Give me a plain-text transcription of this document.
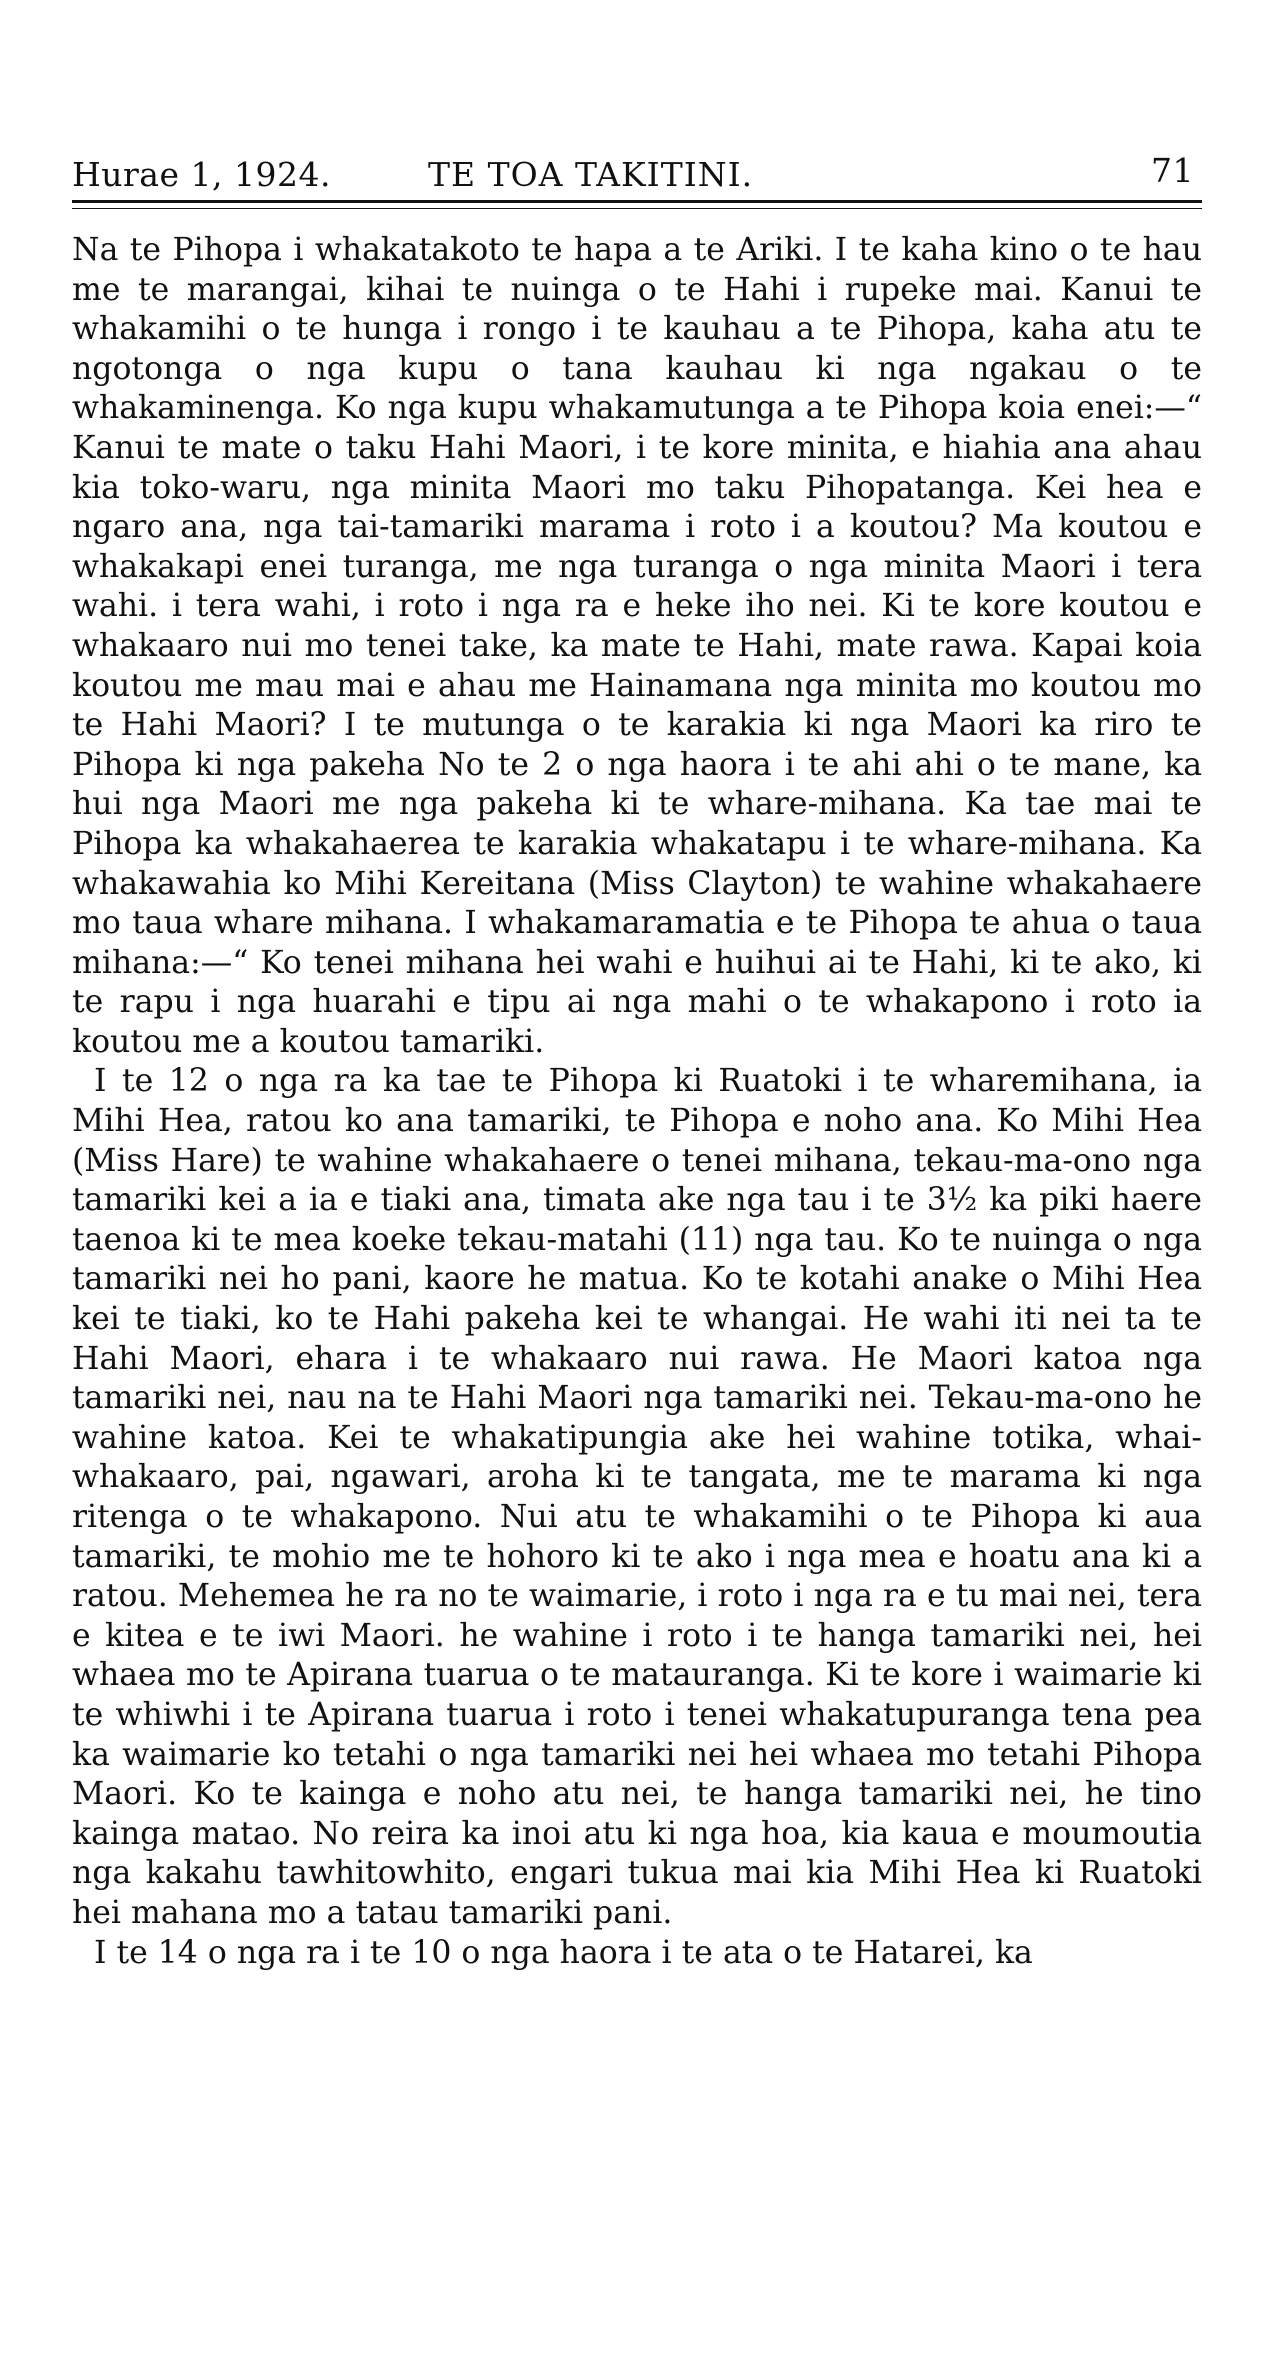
Hurae 1, 1924.	TE TOA TAKITINI.	71

Na te Pihopa i whakatakoto te hapa a te Ariki. I te kaha kino o te hau me te marangai, kihai te nuinga o te Hahi i rupeke mai. Kanui te whakamihi o te hunga i rongo i te kauhau a te Pihopa, kaha atu te ngotonga o nga kupu o tana kauhau ki nga ngakau o te whakaminenga. Ko nga kupu whakamutunga a te Pihopa koia enei:—“ Kanui te mate o taku Hahi Maori, i te kore minita, e hiahia ana ahau kia toko-waru, nga minita Maori mo taku Pihopatanga. Kei hea e ngaro ana, nga tai-tamariki marama i roto i a koutou? Ma koutou e whakakapi enei turanga, me nga turanga o nga minita Maori i tera wahi. i tera wahi, i roto i nga ra e heke iho nei. Ki te kore koutou e whakaaro nui mo tenei take, ka mate te Hahi, mate rawa. Kapai koia koutou me mau mai e ahau me Hainamana nga minita mo koutou mo te Hahi Maori? I te mutunga o te karakia ki nga Maori ka riro te Pihopa ki nga pakeha No te 2 o nga haora i te ahi ahi o te mane, ka hui nga Maori me nga pakeha ki te whare-mihana. Ka tae mai te Pihopa ka whakahaerea te karakia whakatapu i te whare-mihana. Ka whakawahia ko Mihi Kereitana (Miss Clayton) te wahine whakahaere mo taua whare mihana. I whakamaramatia e te Pihopa te ahua o taua mihana:—“ Ko tenei mihana hei wahi e huihui ai te Hahi, ki te ako, ki te rapu i nga huarahi e tipu ai nga mahi o te whakapono i roto ia koutou me a koutou tamariki.

I te 12 o nga ra ka tae te Pihopa ki Ruatoki i te wharemihana, ia Mihi Hea, ratou ko ana tamariki, te Pihopa e noho ana. Ko Mihi Hea (Miss Hare) te wahine whakahaere o tenei mihana, tekau-ma-ono nga tamariki kei a ia e tiaki ana, timata ake nga tau i te 3½ ka piki haere taenoa ki te mea koeke tekau-matahi (11) nga tau. Ko te nuinga o nga tamariki nei ho pani, kaore he matua. Ko te kotahi anake o Mihi Hea kei te tiaki, ko te Hahi pakeha kei te whangai. He wahi iti nei ta te Hahi Maori, ehara i te whakaaro nui rawa. He Maori katoa nga tamariki nei, nau na te Hahi Maori nga tamariki nei. Tekau-ma-ono he wahine katoa. Kei te whakatipungia ake hei wahine totika, whai-whakaaro, pai, ngawari, aroha ki te tangata, me te marama ki nga ritenga o te whakapono. Nui atu te whakamihi o te Pihopa ki aua tamariki, te mohio me te hohoro ki te ako i nga mea e hoatu ana ki a ratou. Mehemea he ra no te waimarie, i roto i nga ra e tu mai nei, tera e kitea e te iwi Maori. he wahine i roto i te hanga tamariki nei, hei whaea mo te Apirana tuarua o te matauranga. Ki te kore i waimarie ki te whiwhi i te Apirana tuarua i roto i tenei whakatupuranga tena pea ka waimarie ko tetahi o nga tamariki nei hei whaea mo tetahi Pihopa Maori. Ko te kainga e noho atu nei, te hanga tamariki nei, he tino kainga matao. No reira ka inoi atu ki nga hoa, kia kaua e moumoutia nga kakahu tawhitowhito, engari tukua mai kia Mihi Hea ki Ruatoki hei mahana mo a tatau tamariki pani.

I te 14 o nga ra i te 10 o nga haora i te ata o te Hatarei, ka
